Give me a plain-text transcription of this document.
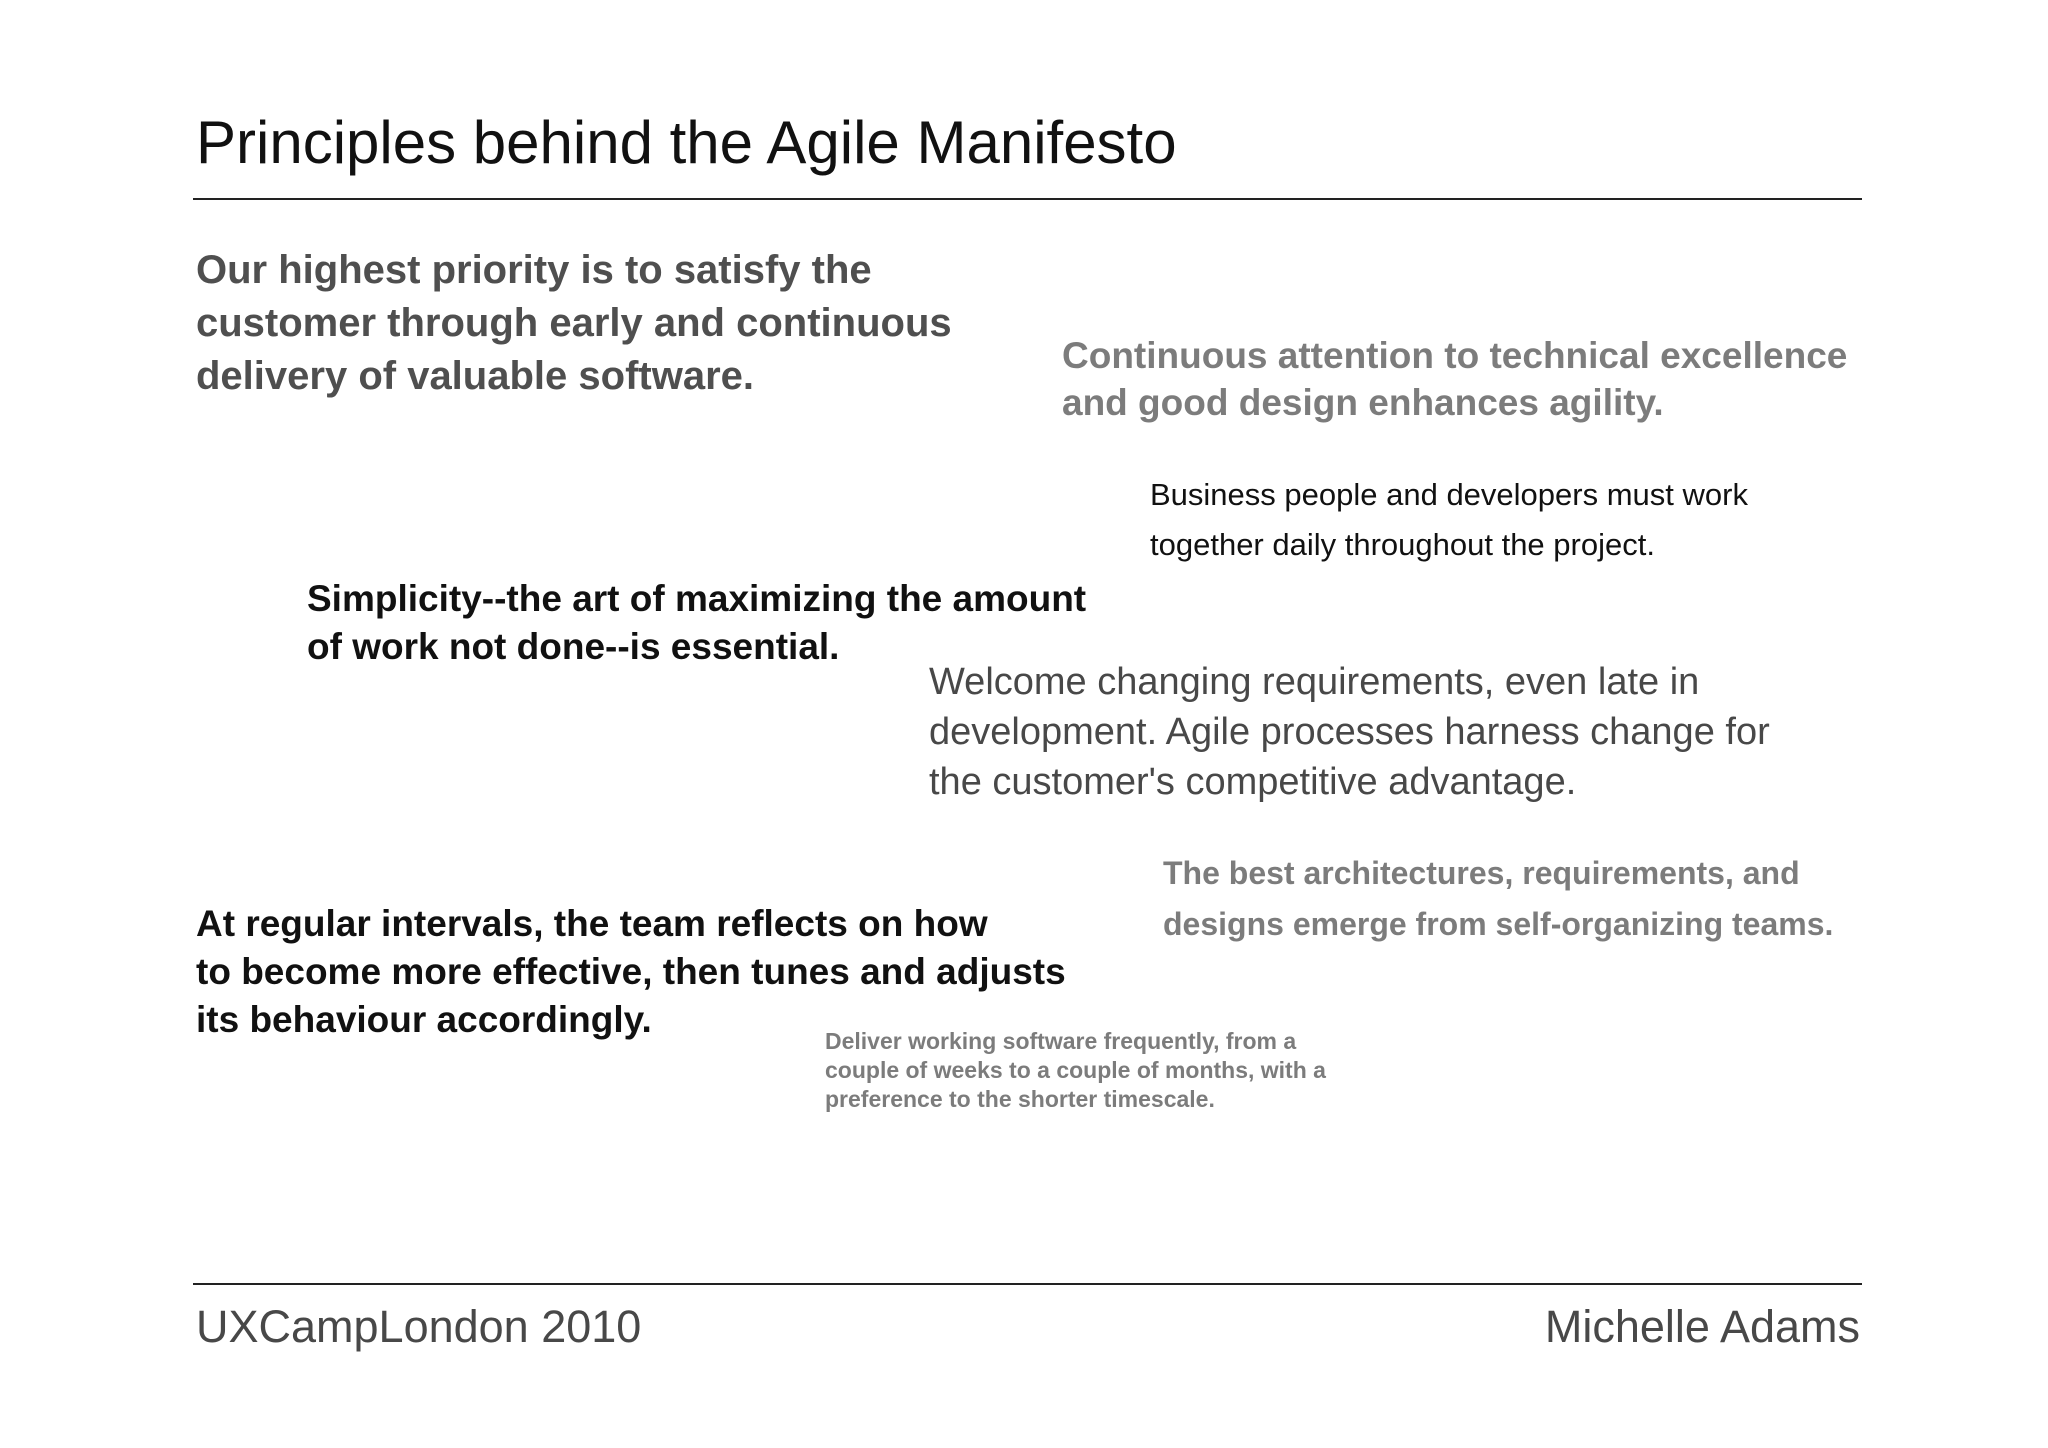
Principles behind the Agile Manifesto
Our highest priority is to satisfy the
customer through early and continuous
delivery of valuable software.	Continuous attention to technical excellence
and good design enhances agility.
Business people and developers must work
together daily throughout the project.
Simplicity--the art of maximizing the amount
of work not done--is essential.
Welcome changing requirements, even late in
development. Agile processes harness change for
the customer's competitive advantage.
The best architectures, requirements, and
designs emerge from self-organizing teams.
At regular intervals, the team reflects on how
to become more effective, then tunes and adjusts
its behaviour accordingly.
Deliver working software frequently, from a
couple of weeks to a couple of months, with a
preference to the shorter timescale.
UXCampLondon 2010	Michelle Adams
